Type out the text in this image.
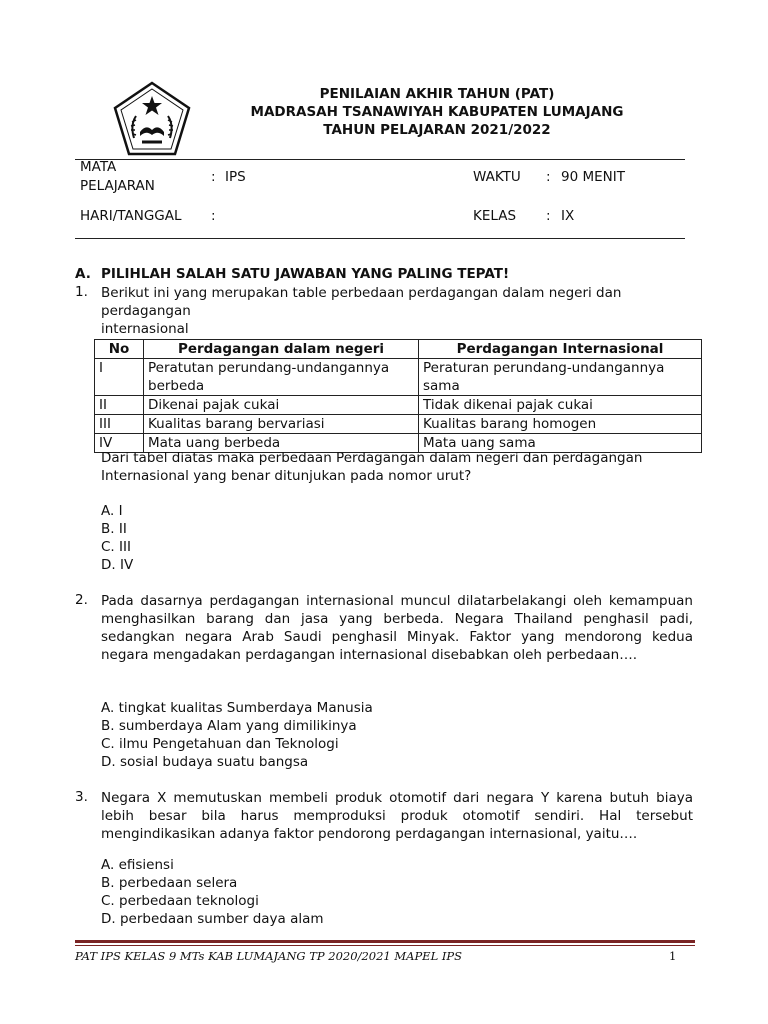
PENILAIAN AKHIR TAHUN (PAT)
MADRASAH TSANAWIYAH KABUPATEN LUMAJANG
TAHUN PELAJARAN 2021/2022
MATA
PELAJARAN
: IPS	WAKTU : 90 MENIT
HARI/TANGGAL :	KELAS : IX
A. PILIHLAH SALAH SATU JAWABAN YANG PALING TEPAT!
1. Berikut ini yang merupakan table perbedaan perdagangan dalam negeri dan
perdagangan
internasional
No	Perdagangan dalam negeri	Perdagangan Internasional
I	Peratutan perundang-undangannya berbeda	Peraturan perundang-undangannya sama
II	Dikenai pajak cukai	Tidak dikenai pajak cukai
III	Kualitas barang bervariasi	Kualitas barang homogen
IV	Mata uang berbeda	Mata uang sama
Dari tabel diatas maka perbedaan Perdagangan dalam negeri dan perdagangan
Internasional yang benar ditunjukan pada nomor urut?
A. I
B. II
C. III
D. IV
2. Pada dasarnya perdagangan internasional muncul dilatarbelakangi oleh kemampuan menghasilkan barang dan jasa yang berbeda. Negara Thailand penghasil padi, sedangkan negara Arab Saudi penghasil Minyak. Faktor yang mendorong kedua negara mengadakan perdagangan internasional disebabkan oleh perbedaan….
A. tingkat kualitas Sumberdaya Manusia
B. sumberdaya Alam yang dimilikinya
C. ilmu Pengetahuan dan Teknologi
D. sosial budaya suatu bangsa
3. Negara X memutuskan membeli produk otomotif dari negara Y karena butuh biaya lebih besar bila harus memproduksi produk otomotif sendiri. Hal tersebut mengindikasikan adanya faktor pendorong perdagangan internasional, yaitu….
A. efisiensi
B. perbedaan selera
C. perbedaan teknologi
D. perbedaan sumber daya alam
PAT IPS KELAS 9 MTs KAB LUMAJANG TP 2020/2021 MAPEL IPS	1
